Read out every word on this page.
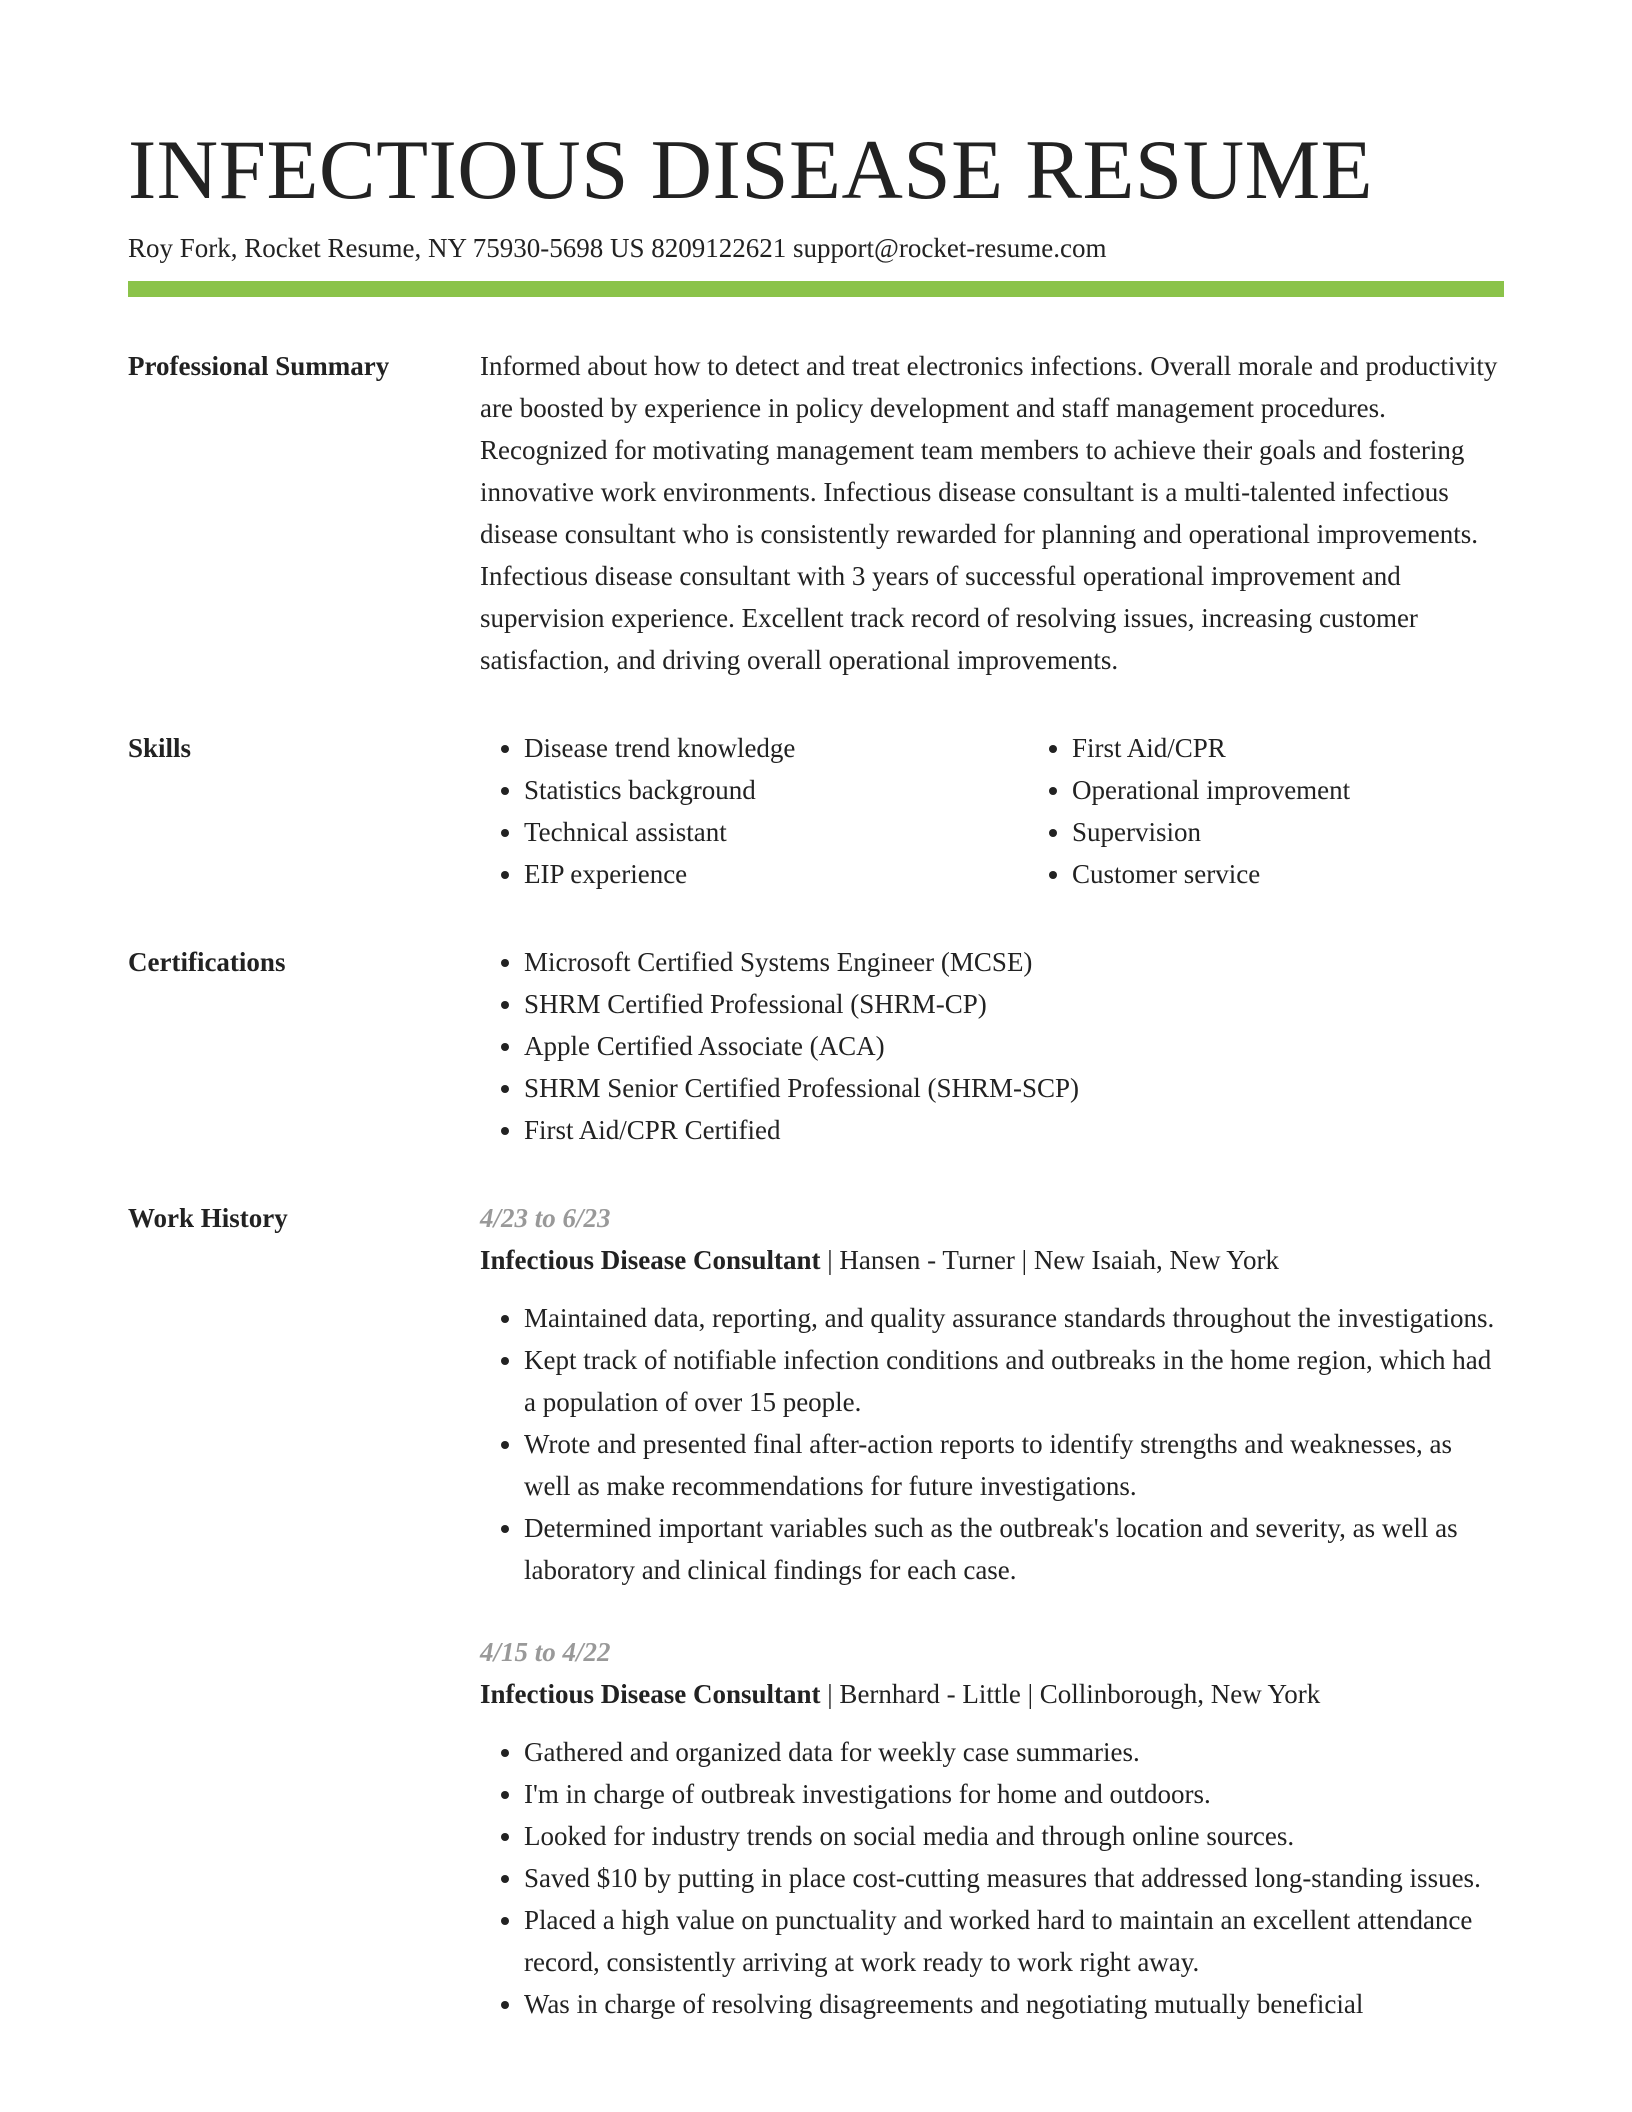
INFECTIOUS DISEASE RESUME
Roy Fork, Rocket Resume, NY 75930-5698 US 8209122621 support@rocket-resume.com
Professional Summary	Informed about how to detect and treat electronics infections. Overall morale and productivity are boosted by experience in policy development and staff management procedures. Recognized for motivating management team members to achieve their goals and fostering innovative work environments. Infectious disease consultant is a multi-talented infectious disease consultant who is consistently rewarded for planning and operational improvements. Infectious disease consultant with 3 years of successful operational improvement and supervision experience. Excellent track record of resolving issues, increasing customer satisfaction, and driving overall operational improvements.

Skills	• Disease trend knowledge
• Statistics background
• Technical assistant
• EIP experience
• First Aid/CPR
• Operational improvement
• Supervision
• Customer service
Certifications	• Microsoft Certified Systems Engineer (MCSE)
• SHRM Certified Professional (SHRM-CP)
• Apple Certified Associate (ACA)
• SHRM Senior Certified Professional (SHRM-SCP)
• First Aid/CPR Certified
Work History	4/23 to 6/23
Infectious Disease Consultant | Hansen - Turner | New Isaiah, New York
• Maintained data, reporting, and quality assurance standards throughout the investigations.
• Kept track of notifiable infection conditions and outbreaks in the home region, which had a population of over 15 people.
• Wrote and presented final after-action reports to identify strengths and weaknesses, as well as make recommendations for future investigations.
• Determined important variables such as the outbreak's location and severity, as well as laboratory and clinical findings for each case.
4/15 to 4/22
Infectious Disease Consultant | Bernhard - Little | Collinborough, New York
• Gathered and organized data for weekly case summaries.
• I'm in charge of outbreak investigations for home and outdoors.
• Looked for industry trends on social media and through online sources.
• Saved $10 by putting in place cost-cutting measures that addressed long-standing issues.
• Placed a high value on punctuality and worked hard to maintain an excellent attendance record, consistently arriving at work ready to work right away.
• Was in charge of resolving disagreements and negotiating mutually beneficial
